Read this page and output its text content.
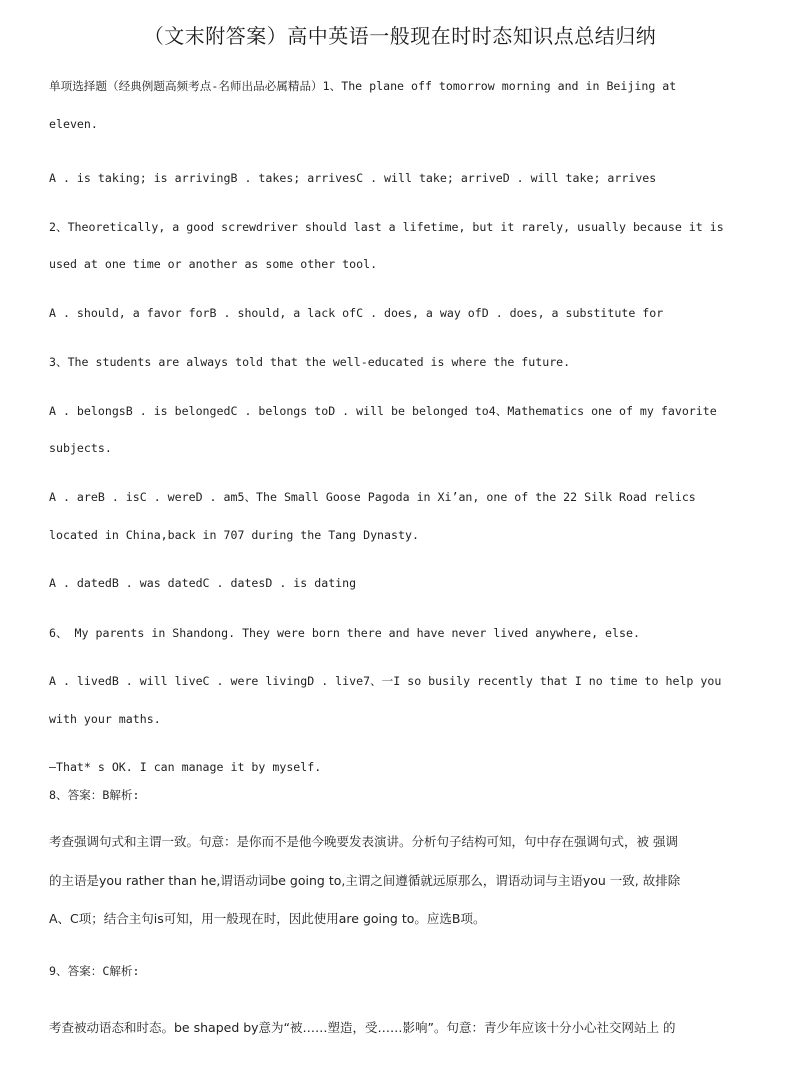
（文末附答案）高中英语一般现在时时态知识点总结归纳
单项选择题（经典例题高频考点-名师出品必属精品）1、The plane off tomorrow morning and in Beijing at
eleven.
A . is taking; is arrivingB . takes; arrivesC . will take; arriveD . will take; arrives
2、Theoretically, a good screwdriver should last a lifetime, but it rarely, usually because it is
used at one time or another as some other tool.
A . should, a favor forB . should, a lack ofC . does, a way ofD . does, a substitute for
3、The students are always told that the well-educated is where the future.
A . belongsB . is belongedC . belongs toD . will be belonged to4、Mathematics one of my favorite
subjects.
A . areB . isC . wereD . am5、The Small Goose Pagoda in Xi’an, one of the 22 Silk Road relics
located in China,back in 707 during the Tang Dynasty.
A . datedB . was datedC . datesD . is dating
6、 My parents in Shandong. They were born there and have never lived anywhere, else.
A . livedB . will liveC . were livingD . live7、一I so busily recently that I no time to help you
with your maths.
—That* s OK. I can manage it by myself.
8、答案：B解析:
考查强调句式和主谓一致。句意：是你而不是他今晚要发表演讲。分析句子结构可知，句中存在强调句式，被 强调
的主语是you rather than he,谓语动词be going to,主谓之间遵循就远原那么，谓语动词与主语you 一致, 故排除
A、C项；结合主句is可知，用一般现在时，因此使用are going to。应选B项。
9、答案：C解析:
考查被动语态和时态。be shaped by意为“被……塑造，受……影响”。句意：青少年应该十分小心社交网站上 的
